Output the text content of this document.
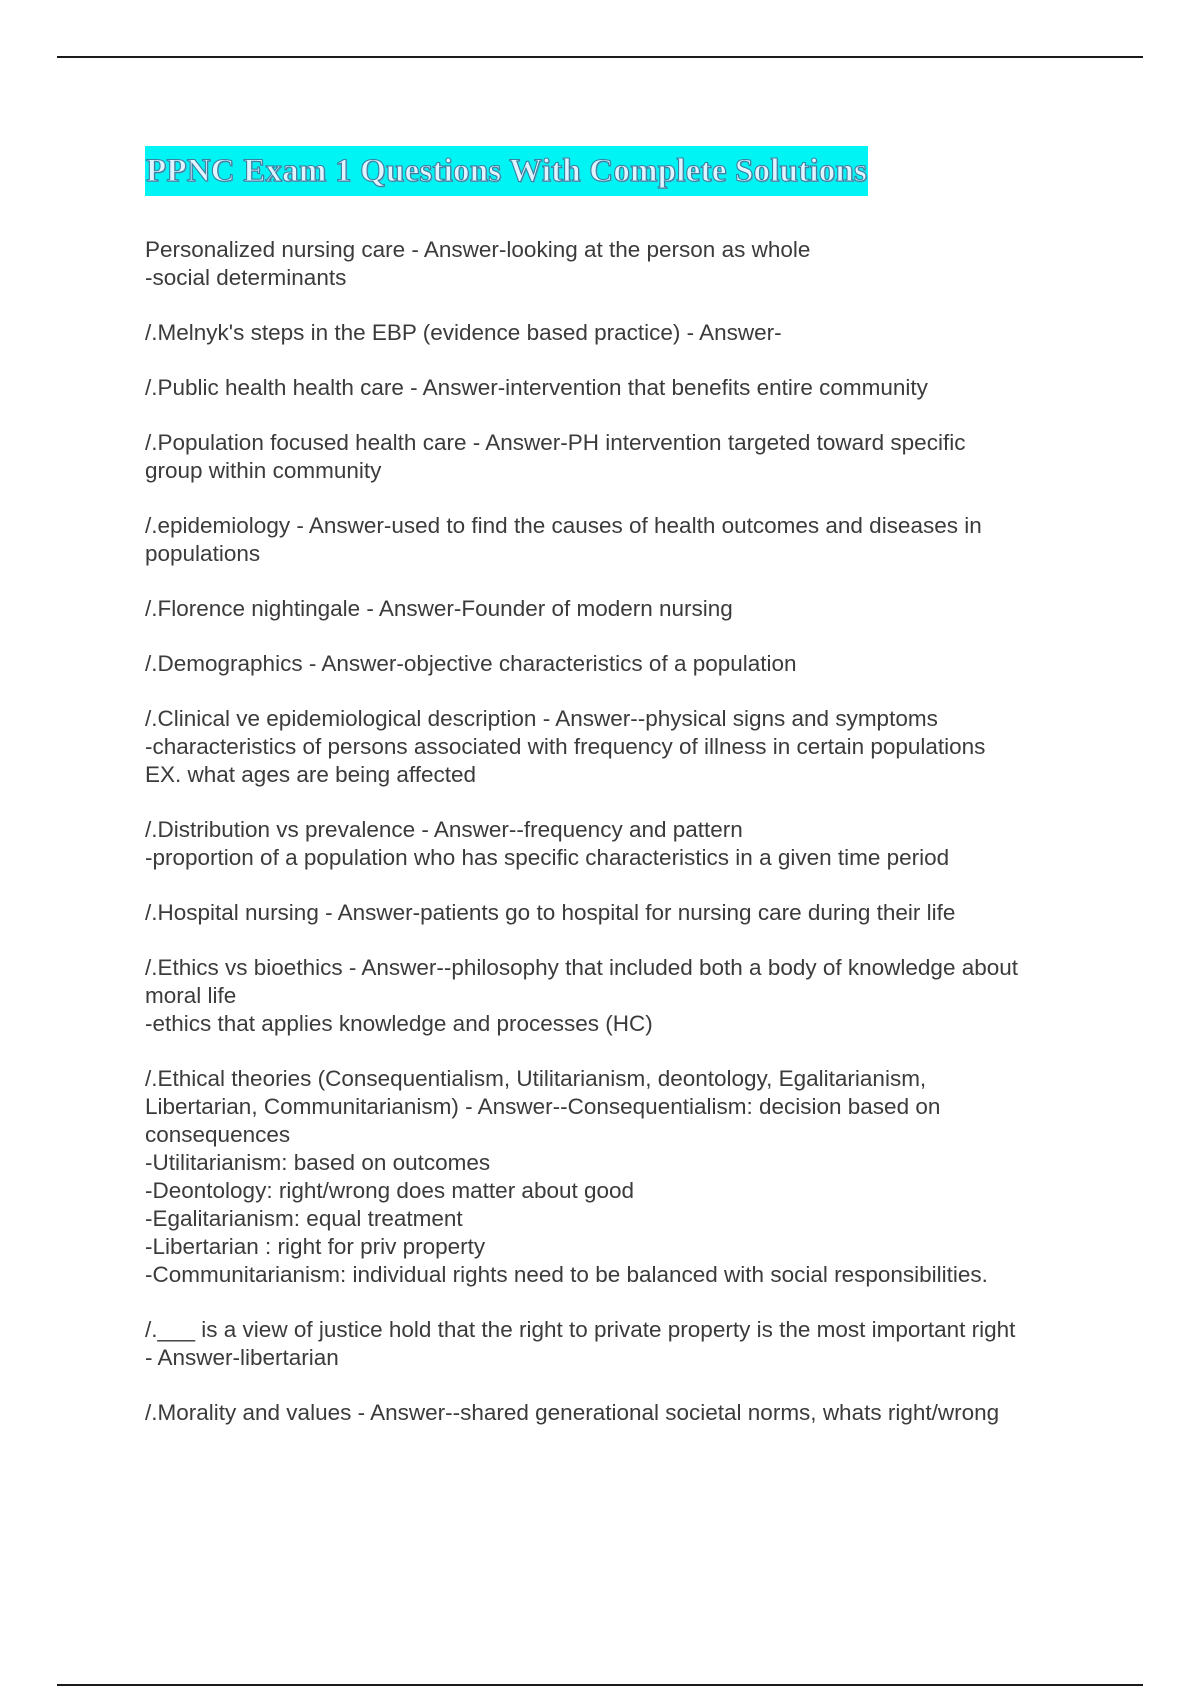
PPNC Exam 1 Questions With Complete Solutions
Personalized nursing care - Answer-looking at the person as whole
-social determinants
/.Melnyk's steps in the EBP (evidence based practice) - Answer-
/.Public health health care - Answer-intervention that benefits entire community
/.Population focused health care - Answer-PH intervention targeted toward specific
group within community
/.epidemiology - Answer-used to find the causes of health outcomes and diseases in
populations
/.Florence nightingale - Answer-Founder of modern nursing
/.Demographics - Answer-objective characteristics of a population
/.Clinical ve epidemiological description - Answer--physical signs and symptoms
-characteristics of persons associated with frequency of illness in certain populations
EX. what ages are being affected
/.Distribution vs prevalence - Answer--frequency and pattern
-proportion of a population who has specific characteristics in a given time period
/.Hospital nursing - Answer-patients go to hospital for nursing care during their life
/.Ethics vs bioethics - Answer--philosophy that included both a body of knowledge about
moral life
-ethics that applies knowledge and processes (HC)
/.Ethical theories (Consequentialism, Utilitarianism, deontology, Egalitarianism,
Libertarian, Communitarianism) - Answer--Consequentialism: decision based on
consequences
-Utilitarianism: based on outcomes
-Deontology: right/wrong does matter about good
-Egalitarianism: equal treatment
-Libertarian : right for priv property
-Communitarianism: individual rights need to be balanced with social responsibilities.
/.___ is a view of justice hold that the right to private property is the most important right
- Answer-libertarian
/.Morality and values - Answer--shared generational societal norms, whats right/wrong
